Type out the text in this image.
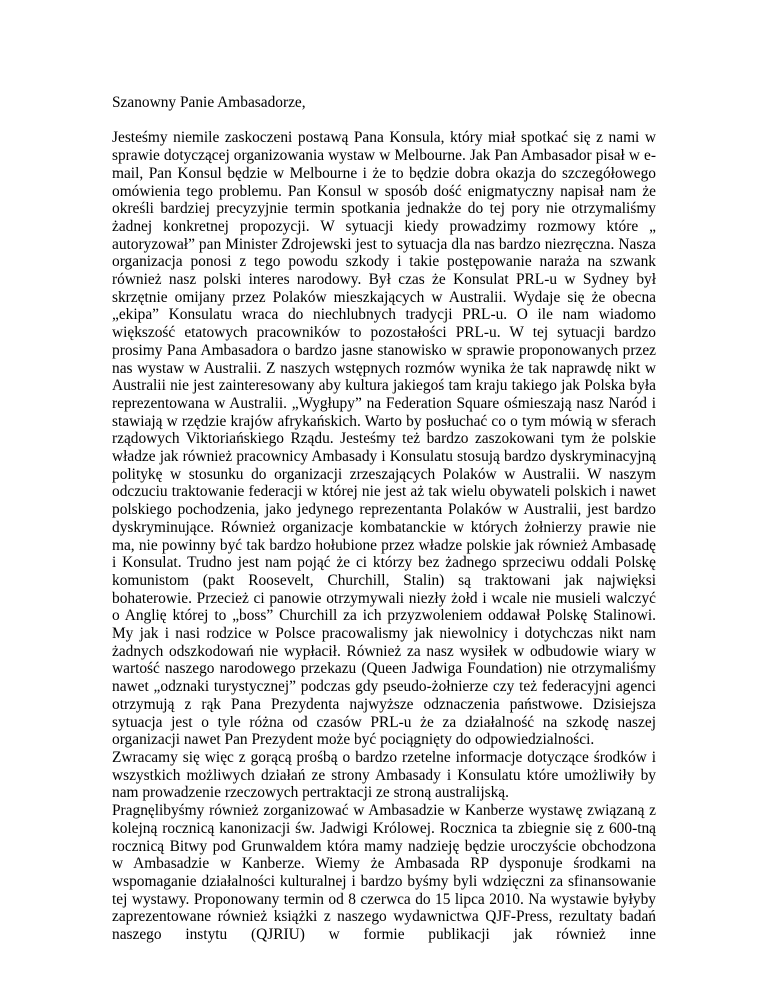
Szanowny Panie Ambasadorze,

Jesteśmy niemile zaskoczeni postawą Pana Konsula, który miał spotkać się z nami w sprawie dotyczącej organizowania wystaw w Melbourne. Jak Pan Ambasador pisał w e-mail, Pan Konsul będzie w Melbourne i że to będzie dobra okazja do szczegółowego omówienia tego problemu. Pan Konsul w sposób dość enigmatyczny napisał nam że określi bardziej precyzyjnie termin spotkania jednakże do tej pory nie otrzymaliśmy żadnej konkretnej propozycji. W sytuacji kiedy prowadzimy rozmowy które „ autoryzował” pan Minister Zdrojewski jest to sytuacja dla nas bardzo niezręczna. Nasza organizacja ponosi z tego powodu szkody i takie postępowanie naraża na szwank również nasz polski interes narodowy. Był czas że Konsulat PRL-u w Sydney był skrzętnie omijany przez Polaków mieszkających w Australii. Wydaje się że obecna „ekipa” Konsulatu wraca do niechlubnych tradycji PRL-u. O ile nam wiadomo większość etatowych pracowników to pozostałości PRL-u. W tej sytuacji bardzo prosimy Pana Ambasadora o bardzo jasne stanowisko w sprawie proponowanych przez nas wystaw w Australii. Z naszych wstępnych rozmów wynika że tak naprawdę nikt w Australii nie jest zainteresowany aby kultura jakiegoś tam kraju takiego jak Polska była reprezentowana w Australii. „Wygłupy” na Federation Square ośmieszają nasz Naród i stawiają w rzędzie krajów afrykańskich. Warto by posłuchać co o tym mówią w sferach rządowych Viktoriańskiego Rządu. Jesteśmy też bardzo zaszokowani tym że polskie władze jak również pracownicy Ambasady i Konsulatu stosują bardzo dyskryminacyjną politykę w stosunku do organizacji zrzeszających Polaków w Australii. W naszym odczuciu traktowanie federacji w której nie jest aż tak wielu obywateli polskich i nawet polskiego pochodzenia, jako jedynego reprezentanta Polaków w Australii, jest bardzo dyskryminujące. Również organizacje kombatanckie w których żołnierzy prawie nie ma, nie powinny być tak bardzo hołubione przez władze polskie jak również Ambasadę i Konsulat. Trudno jest nam pojąć że ci którzy bez żadnego sprzeciwu oddali Polskę komunistom (pakt Roosevelt, Churchill, Stalin) są traktowani jak najwięksi bohaterowie. Przecież ci panowie otrzymywali niezły żołd i wcale nie musieli walczyć o Anglię której to „boss” Churchill za ich przyzwoleniem oddawał Polskę Stalinowi. My jak i nasi rodzice w Polsce pracowalismy jak niewolnicy i dotychczas nikt nam żadnych odszkodowań nie wypłacił. Również za nasz wysiłek w odbudowie wiary w wartość naszego narodowego przekazu (Queen Jadwiga Foundation) nie otrzymaliśmy nawet „odznaki turystycznej” podczas gdy pseudo-żołnierze czy też federacyjni agenci otrzymują z rąk Pana Prezydenta najwyższe odznaczenia państwowe. Dzisiejsza sytuacja jest o tyle różna od czasów PRL-u że za działalność na szkodę naszej organizacji nawet Pan Prezydent może być pociągnięty do odpowiedzialności.

Zwracamy się więc z gorącą prośbą o bardzo rzetelne informacje dotyczące środków i wszystkich możliwych działań ze strony Ambasady i Konsulatu które umożliwiły by nam prowadzenie rzeczowych pertraktacji ze stroną australijską.

Pragnęlibyśmy również zorganizować w Ambasadzie w Kanberze wystawę związaną z kolejną rocznicą kanonizacji św. Jadwigi Królowej. Rocznica ta zbiegnie się z 600-tną rocznicą Bitwy pod Grunwaldem która mamy nadzieję będzie uroczyście obchodzona w Ambasadzie w Kanberze. Wiemy że Ambasada RP dysponuje środkami na wspomaganie działalności kulturalnej i bardzo byśmy byli wdzięczni za sfinansowanie tej wystawy. Proponowany termin od 8 czerwca do 15 lipca 2010. Na wystawie byłyby zaprezentowane również książki z naszego wydawnictwa QJF-Press, rezultaty badań naszego instytu (QJRIU) w formie publikacji jak również inne
